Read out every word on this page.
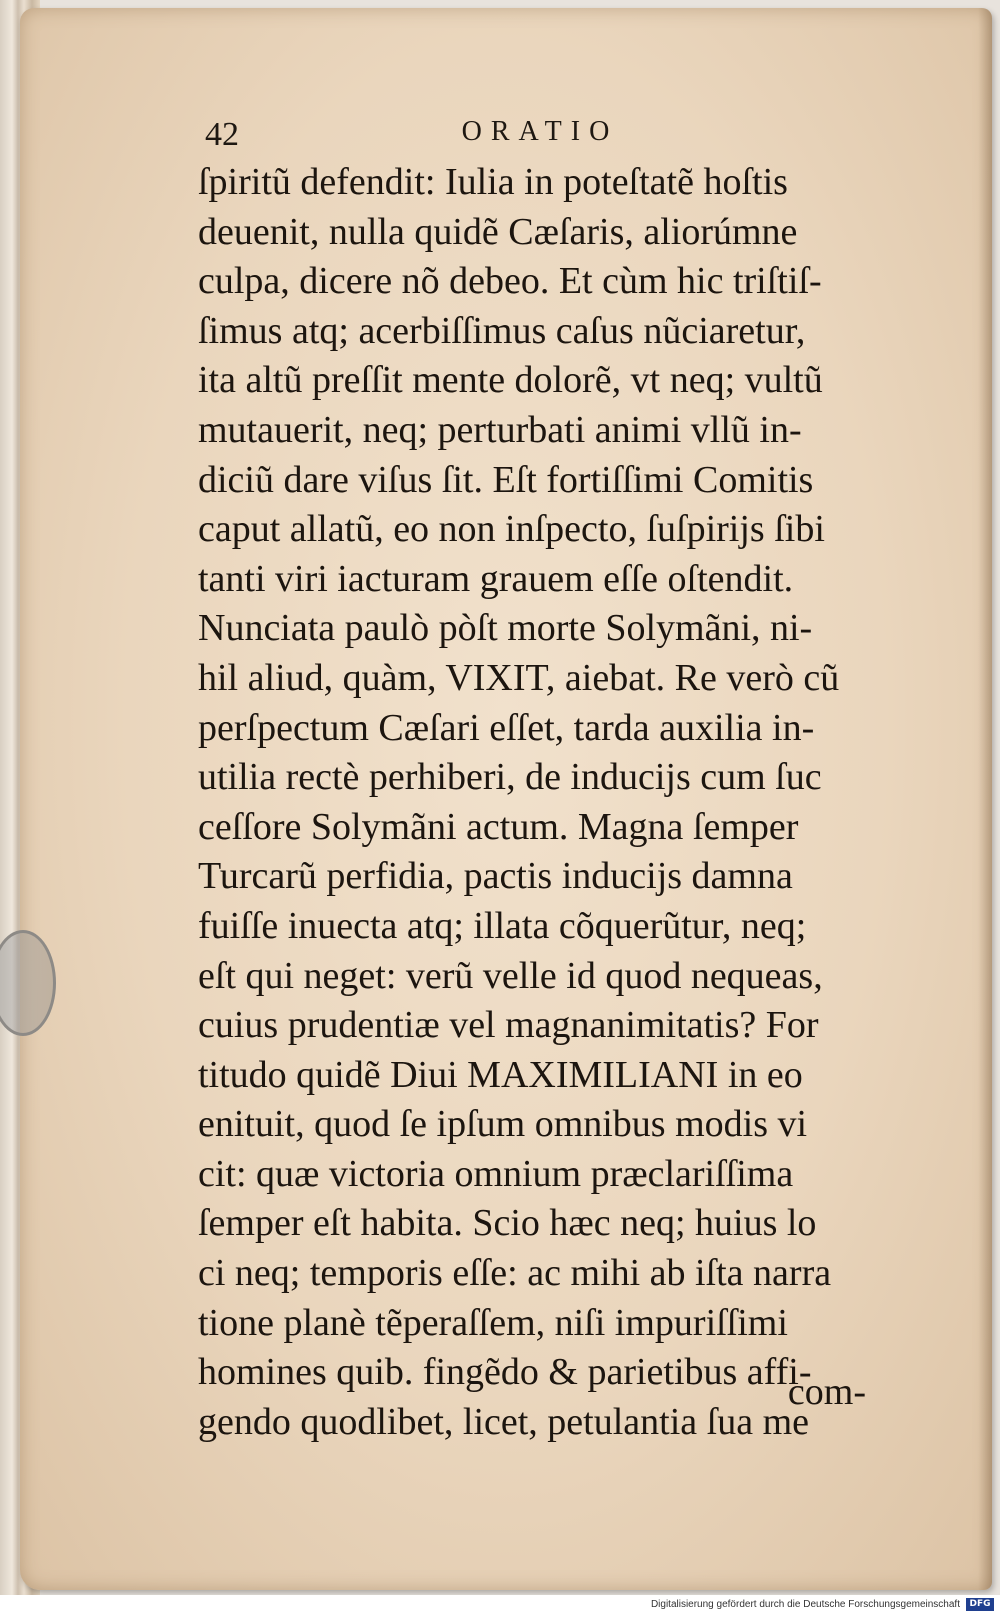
42	ORATIO
ſpiritũ defendit: Iulia in poteſtatẽ hoſtis
deuenit, nulla quidẽ Cæſaris, aliorúmne
culpa, dicere nõ debeo. Et cùm hic triſtiſ-
ſimus atq; acerbiſſimus caſus nũciaretur,
ita altũ preſſit mente dolorẽ, vt neq; vultũ
mutauerit, neq; perturbati animi vllũ in-
diciũ dare viſus ſit. Eſt fortiſſimi Comitis
caput allatũ, eo non inſpecto, ſuſpirijs ſibi
tanti viri iacturam grauem eſſe oſtendit.
Nunciata paulò pòſt morte Solymãni, ni-
hil aliud, quàm, VIXIT, aiebat. Re verò cũ
perſpectum Cæſari eſſet, tarda auxilia in-
utilia rectè perhiberi, de inducijs cum ſuc
ceſſore Solymãni actum. Magna ſemper
Turcarũ perfidia, pactis inducijs damna
fuiſſe inuecta atq; illata cõquerũtur, neq;
eſt qui neget: verũ velle id quod nequeas,
cuius prudentiæ vel magnanimitatis? For
titudo quidẽ Diui MAXIMILIANI in eo
enituit, quod ſe ipſum omnibus modis vi
cit: quæ victoria omnium præclariſſima
ſemper eſt habita. Scio hæc neq; huius lo
ci neq; temporis eſſe: ac mihi ab iſta narra
tione planè tẽperaſſem, niſi impuriſſimi
homines quib. fingẽdo & parietibus affi-
gendo quodlibet, licet, petulantia ſua me
com-
Digitalisierung gefördert durch die Deutsche Forschungsgemeinschaft	DFG
